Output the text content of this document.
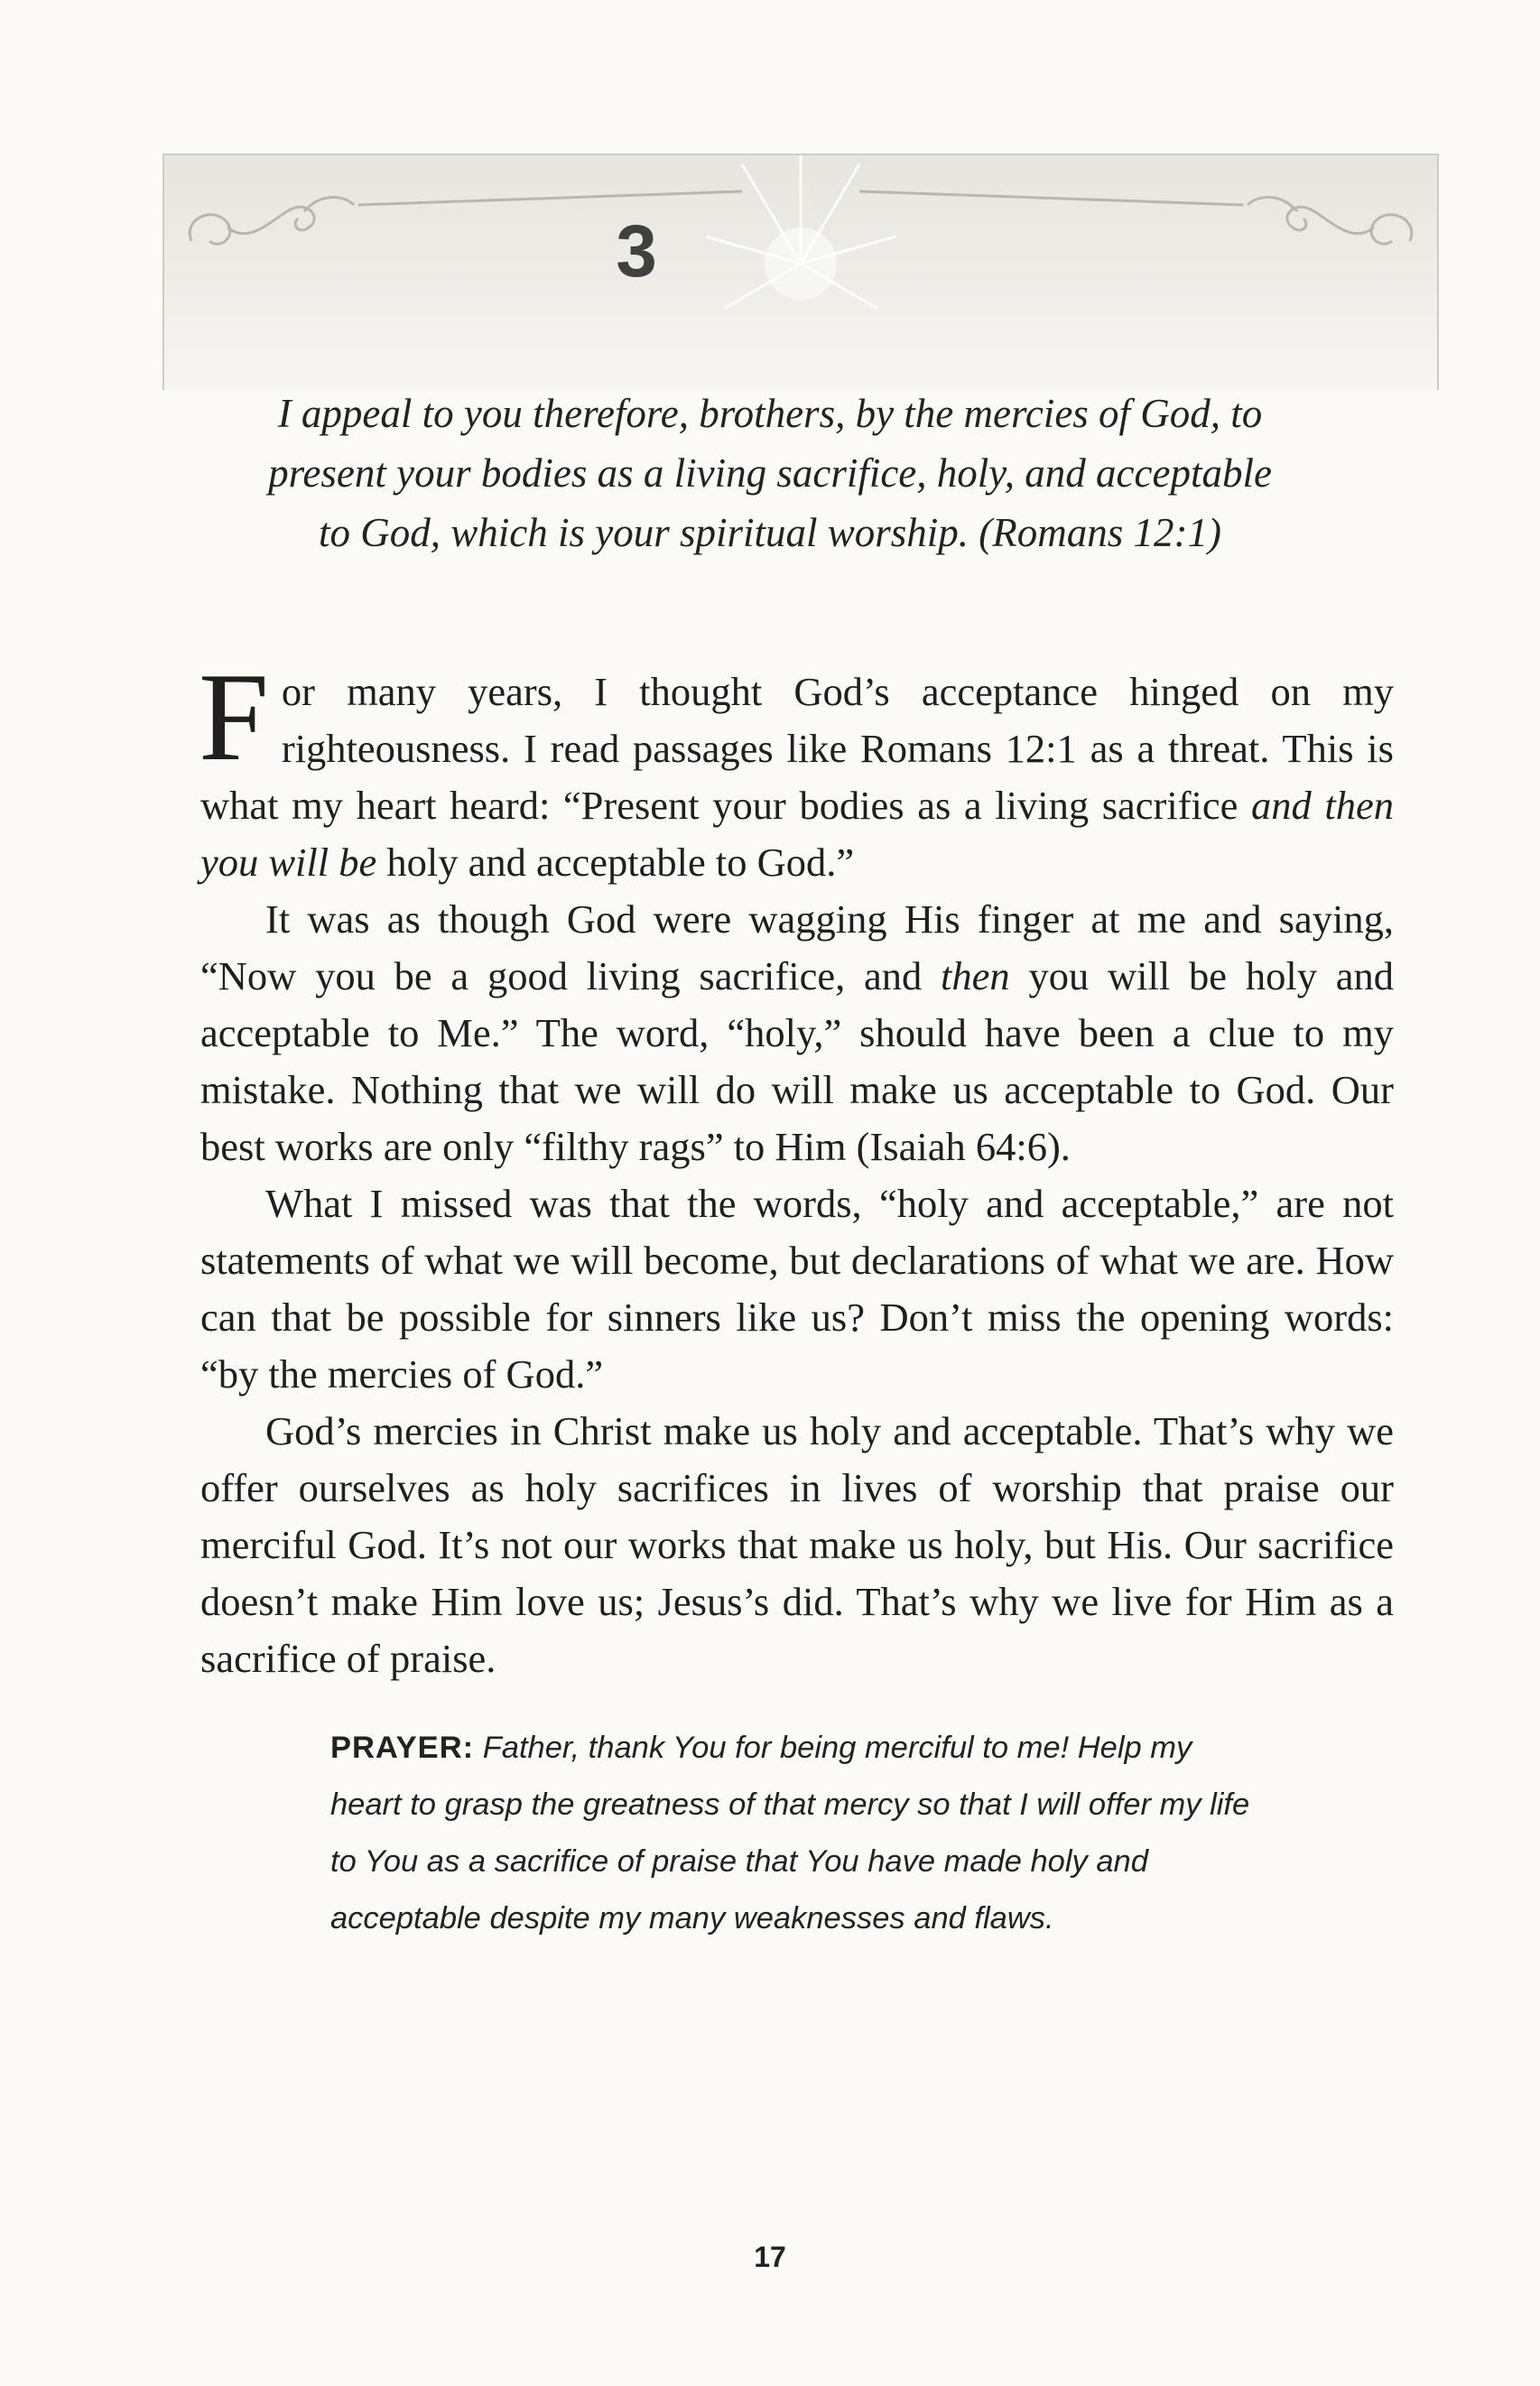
3
I appeal to you therefore, brothers, by the mercies of God, to
present your bodies as a living sacrifice, holy, and acceptable
to God, which is your spiritual worship. (Romans 12:1)

For many years, I thought God’s acceptance hinged on my righteousness. I read passages like Romans 12:1 as a threat. This is what my heart heard: “Present your bodies as a living sacrifice and then you will be holy and acceptable to God.”

It was as though God were wagging His finger at me and saying, “Now you be a good living sacrifice, and then you will be holy and acceptable to Me.” The word, “holy,” should have been a clue to my mistake. Nothing that we will do will make us acceptable to God. Our best works are only “filthy rags” to Him (Isaiah 64:6).

What I missed was that the words, “holy and acceptable,” are not statements of what we will become, but declarations of what we are. How can that be possible for sinners like us? Don’t miss the opening words: “by the mercies of God.”

God’s mercies in Christ make us holy and acceptable. That’s why we offer ourselves as holy sacrifices in lives of worship that praise our merciful God. It’s not our works that make us holy, but His. Our sacrifice doesn’t make Him love us; Jesus’s did. That’s why we live for Him as a sacrifice of praise.

PRAYER: Father, thank You for being merciful to me! Help my heart to grasp the greatness of that mercy so that I will offer my life to You as a sacrifice of praise that You have made holy and acceptable despite my many weaknesses and flaws.
17
